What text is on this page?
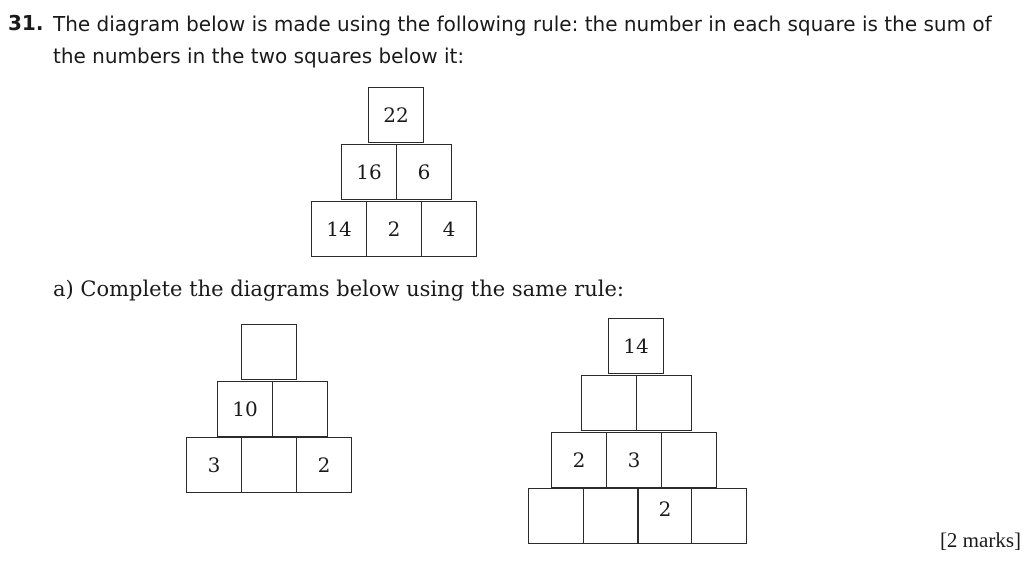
31. The diagram below is made using the following rule: the number in each square is the sum of the numbers in the two squares below it:
22
16	6
14	2	4
a) Complete the diagrams below using the same rule:
10
3	2
14
2	3
2
[2 marks]
